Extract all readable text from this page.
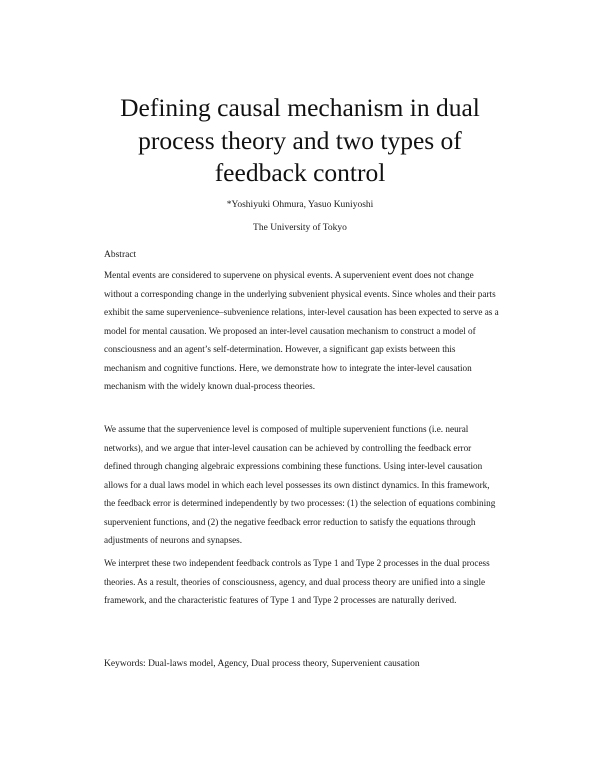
Defining causal mechanism in dual process theory and two types of feedback control
*Yoshiyuki Ohmura, Yasuo Kuniyoshi
The University of Tokyo
Abstract

Mental events are considered to supervene on physical events. A supervenient event does not change without a corresponding change in the underlying subvenient physical events. Since wholes and their parts exhibit the same supervenience–subvenience relations, inter-level causation has been expected to serve as a model for mental causation. We proposed an inter-level causation mechanism to construct a model of consciousness and an agent’s self-determination. However, a significant gap exists between this mechanism and cognitive functions. Here, we demonstrate how to integrate the inter-level causation mechanism with the widely known dual-process theories.

We assume that the supervenience level is composed of multiple supervenient functions (i.e. neural networks), and we argue that inter-level causation can be achieved by controlling the feedback error defined through changing algebraic expressions combining these functions. Using inter-level causation allows for a dual laws model in which each level possesses its own distinct dynamics. In this framework, the feedback error is determined independently by two processes: (1) the selection of equations combining supervenient functions, and (2) the negative feedback error reduction to satisfy the equations through adjustments of neurons and synapses.

We interpret these two independent feedback controls as Type 1 and Type 2 processes in the dual process theories. As a result, theories of consciousness, agency, and dual process theory are unified into a single framework, and the characteristic features of Type 1 and Type 2 processes are naturally derived.

Keywords: Dual-laws model, Agency, Dual process theory, Supervenient causation
